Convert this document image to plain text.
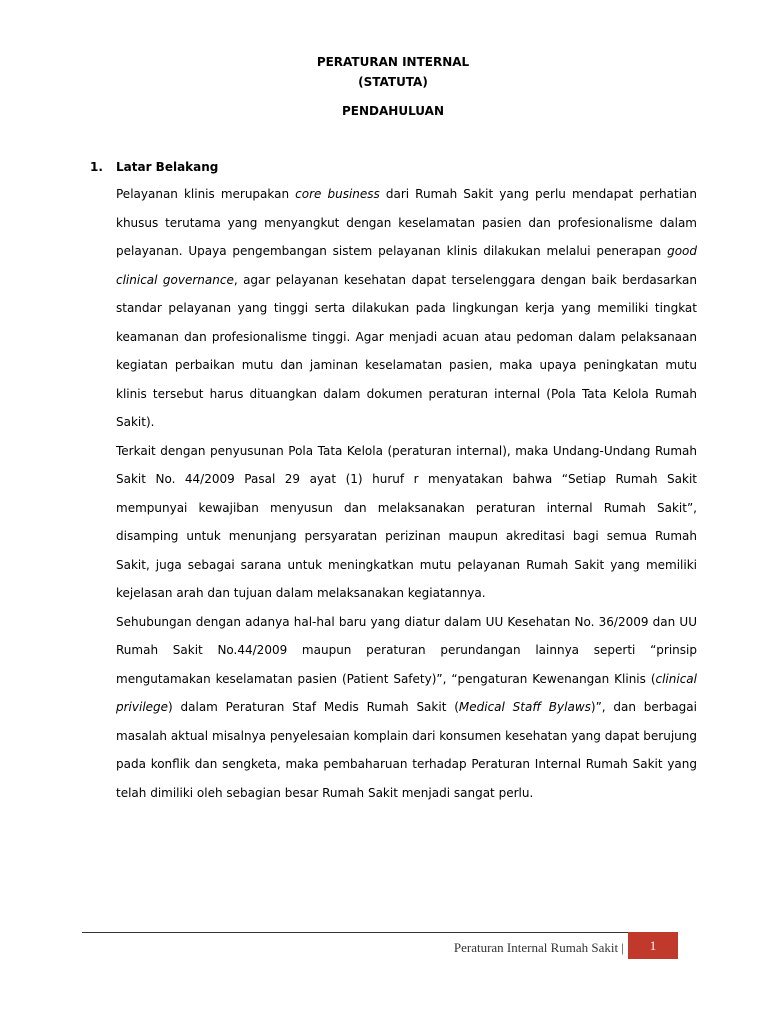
PERATURAN INTERNAL
(STATUTA)
PENDAHULUAN
1. Latar Belakang

Pelayanan klinis merupakan core business dari Rumah Sakit yang perlu mendapat perhatian khusus terutama yang menyangkut dengan keselamatan pasien dan profesionalisme dalam pelayanan. Upaya pengembangan sistem pelayanan klinis dilakukan melalui penerapan good clinical governance, agar pelayanan kesehatan dapat terselenggara dengan baik berdasarkan standar pelayanan yang tinggi serta dilakukan pada lingkungan kerja yang memiliki tingkat keamanan dan profesionalisme tinggi. Agar menjadi acuan atau pedoman dalam pelaksanaan kegiatan perbaikan mutu dan jaminan keselamatan pasien, maka upaya peningkatan mutu klinis tersebut harus dituangkan dalam dokumen peraturan internal (Pola Tata Kelola Rumah Sakit).

Terkait dengan penyusunan Pola Tata Kelola (peraturan internal), maka Undang-Undang Rumah Sakit No. 44/2009 Pasal 29 ayat (1) huruf r menyatakan bahwa “Setiap Rumah Sakit mempunyai kewajiban menyusun dan melaksanakan peraturan internal Rumah Sakit”, disamping untuk menunjang persyaratan perizinan maupun akreditasi bagi semua Rumah Sakit, juga sebagai sarana untuk meningkatkan mutu pelayanan Rumah Sakit yang memiliki kejelasan arah dan tujuan dalam melaksanakan kegiatannya.

Sehubungan dengan adanya hal-hal baru yang diatur dalam UU Kesehatan No. 36/2009 dan UU Rumah Sakit No.44/2009 maupun peraturan perundangan lainnya seperti “prinsip mengutamakan keselamatan pasien (Patient Safety)”, “pengaturan Kewenangan Klinis (clinical privilege) dalam Peraturan Staf Medis Rumah Sakit (Medical Staff Bylaws)”, dan berbagai masalah aktual misalnya penyelesaian komplain dari konsumen kesehatan yang dapat berujung pada konflik dan sengketa, maka pembaharuan terhadap Peraturan Internal Rumah Sakit yang telah dimiliki oleh sebagian besar Rumah Sakit menjadi sangat perlu.

Peraturan Internal Rumah Sakit | 1
